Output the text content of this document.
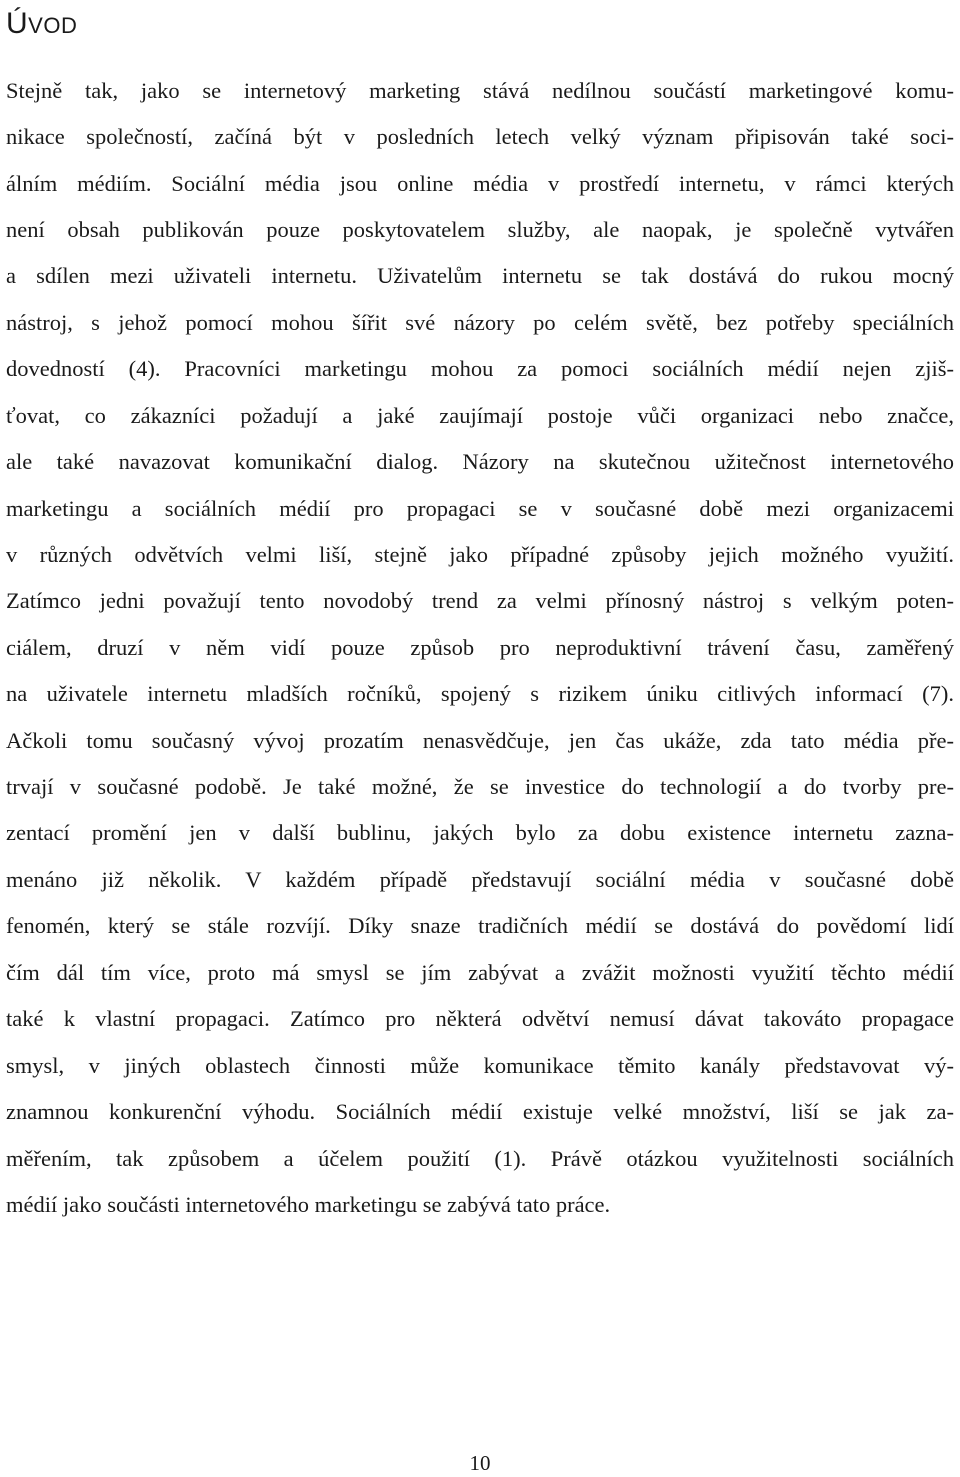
ÚVOD

Stejně tak, jako se internetový marketing stává nedílnou součástí marketingové komu-

nikace společností, začíná být v posledních letech velký význam připisován také soci-

álním médiím. Sociální média jsou online média v prostředí internetu, v rámci kterých

není obsah publikován pouze poskytovatelem služby, ale naopak, je společně vytvářen

a sdílen mezi uživateli internetu. Uživatelům internetu se tak dostává do rukou mocný

nástroj, s jehož pomocí mohou šířit své názory po celém světě, bez potřeby speciálních

dovedností (4). Pracovníci marketingu mohou za pomoci sociálních médií nejen zjiš-

ťovat, co zákazníci požadují a jaké zaujímají postoje vůči organizaci nebo značce,

ale také navazovat komunikační dialog. Názory na skutečnou užitečnost internetového

marketingu a sociálních médií pro propagaci se v současné době mezi organizacemi

v různých odvětvích velmi liší, stejně jako případné způsoby jejich možného využití.

Zatímco jedni považují tento novodobý trend za velmi přínosný nástroj s velkým poten-

ciálem, druzí v něm vidí pouze způsob pro neproduktivní trávení času, zaměřený

na uživatele internetu mladších ročníků, spojený s rizikem úniku citlivých informací (7).

Ačkoli tomu současný vývoj prozatím nenasvědčuje, jen čas ukáže, zda tato média pře-

trvají v současné podobě. Je také možné, že se investice do technologií a do tvorby pre-

zentací promění jen v další bublinu, jakých bylo za dobu existence internetu zazna-

menáno již několik. V každém případě představují sociální média v současné době

fenomén, který se stále rozvíjí. Díky snaze tradičních médií se dostává do povědomí lidí

čím dál tím více, proto má smysl se jím zabývat a zvážit možnosti využití těchto médií

také k vlastní propagaci. Zatímco pro některá odvětví nemusí dávat takováto propagace

smysl, v jiných oblastech činnosti může komunikace těmito kanály představovat vý-

znamnou konkurenční výhodu. Sociálních médií existuje velké množství, liší se jak za-

měřením, tak způsobem a účelem použití (1). Právě otázkou využitelnosti sociálních

médií jako součásti internetového marketingu se zabývá tato práce.

10
